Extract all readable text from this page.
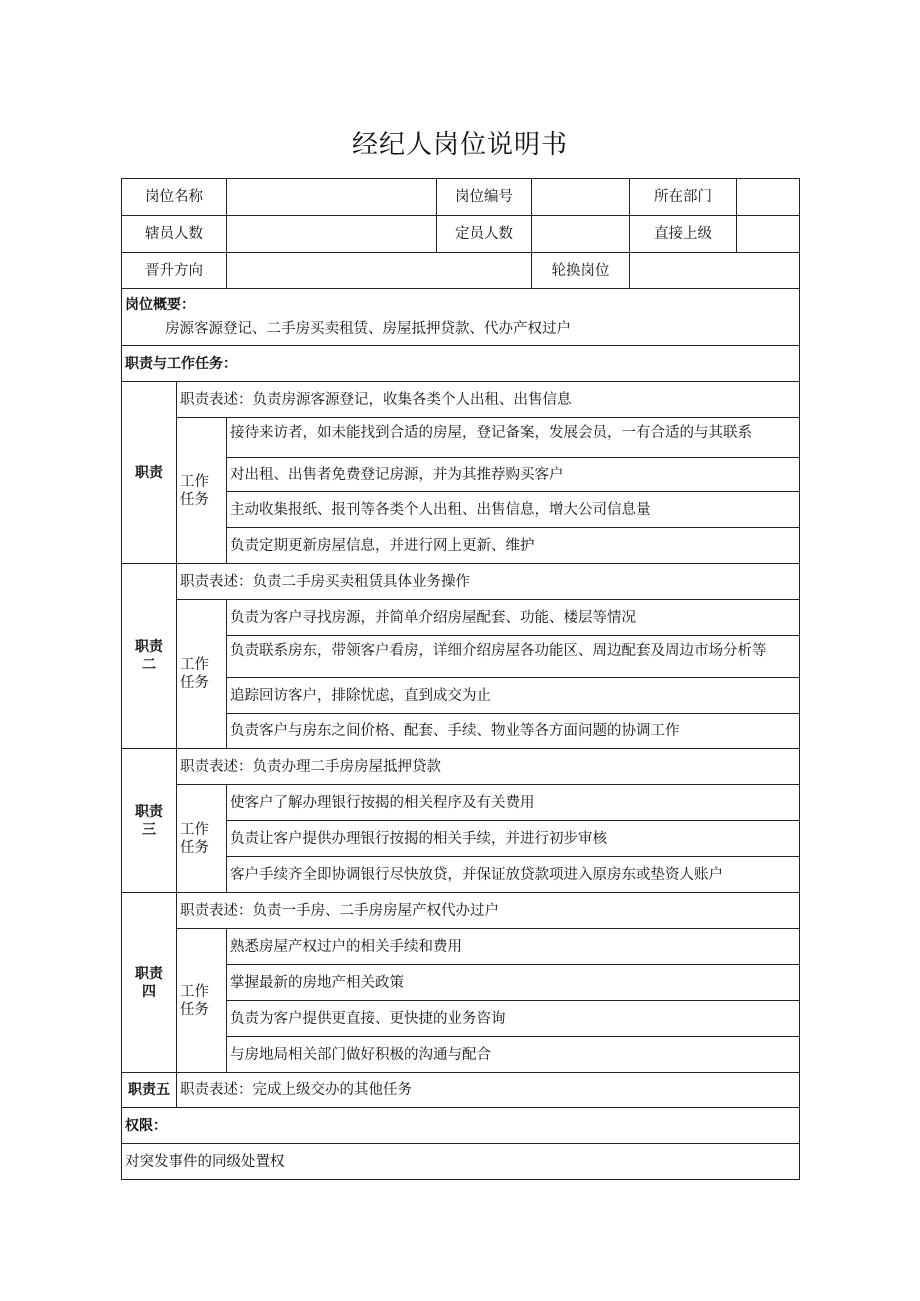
经纪人岗位说明书
岗位名称			岗位编号		所在部门

辖员人数			定员人数		直接上级

晋升方向				轮换岗位	
岗位概要：
房源客源登记、二手房买卖租赁、房屋抵押贷款、代办产权过户					

职责与工作任务：					
职责	职责表述：负责房源客源登记，收集各类个人出租、出售信息				

	工作
任务	接待来访者，如未能找到合适的房屋，登记备案，发展会员，一有合适的与其联系			
		对出租、出售者免费登记房源，并为其推荐购买客户			
		主动收集报纸、报刊等各类个人出租、出售信息，增大公司信息量			
		负责定期更新房屋信息，并进行网上更新、维护			

职责
二	职责表述：负责二手房买卖租赁具体业务操作				

	工作
任务	负责为客户寻找房源，并简单介绍房屋配套、功能、楼层等情况			
		负责联系房东，带领客户看房，详细介绍房屋各功能区、周边配套及周边市场分析等			
		追踪回访客户，排除忧虑，直到成交为止			
		负责客户与房东之间价格、配套、手续、物业等各方面问题的协调工作			

职责
三	职责表述：负责办理二手房房屋抵押贷款				

	工作
任务	使客户了解办理银行按揭的相关程序及有关费用			
		负责让客户提供办理银行按揭的相关手续，并进行初步审核			
		客户手续齐全即协调银行尽快放贷，并保证放贷款项进入原房东或垫资人账户			

职责
四	职责表述：负责一手房、二手房房屋产权代办过户				

	工作
任务	熟悉房屋产权过户的相关手续和费用			
		掌握最新的房地产相关政策			
		负责为客户提供更直接、更快捷的业务咨询			
		与房地局相关部门做好积极的沟通与配合			
职责五	职责表述：完成上级交办的其他任务				
权限：					
对突发事件的同级处置权					
